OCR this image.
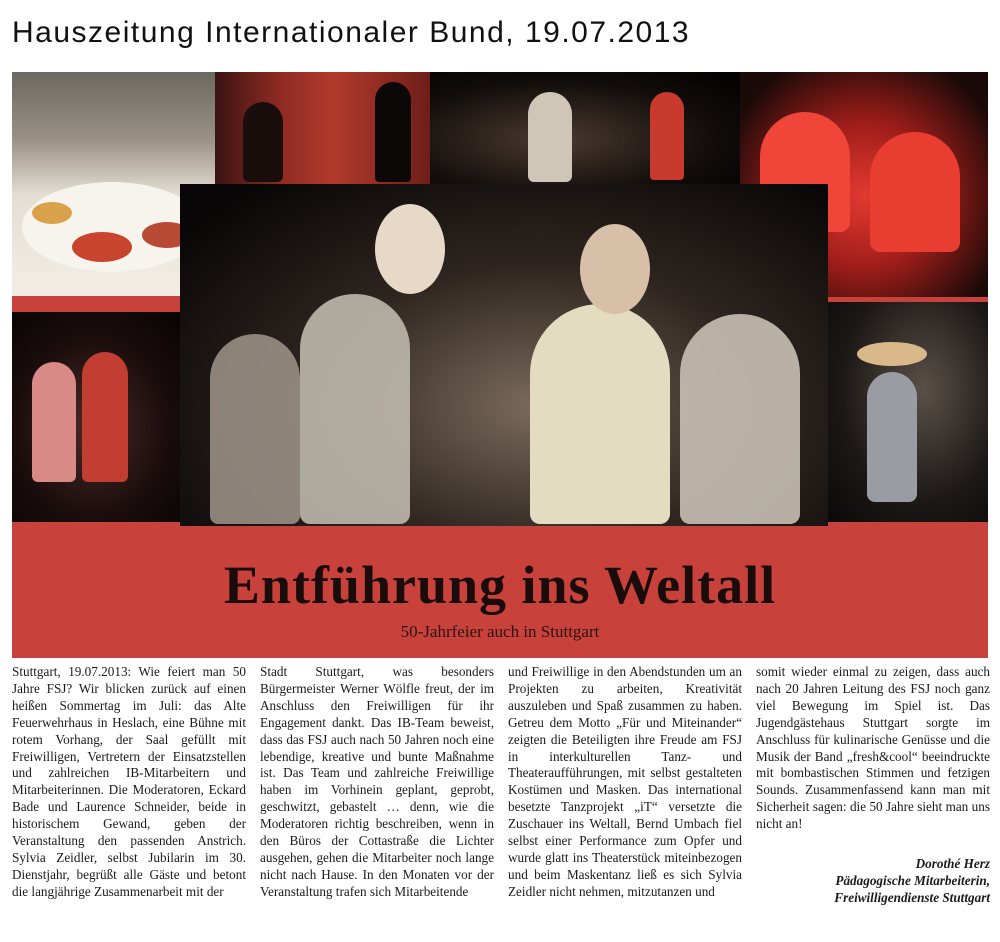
Hauszeitung Internationaler Bund, 19.07.2013
Entführung ins Weltall
50-Jahrfeier auch in Stuttgart

Stuttgart, 19.07.2013: Wie feiert man 50 Jahre FSJ? Wir blicken zurück auf einen heißen Sommertag im Juli: das Alte Feuerwehrhaus in Heslach, eine Bühne mit rotem Vorhang, der Saal gefüllt mit Freiwilligen, Vertretern der Einsatzstellen und zahlreichen IB-Mitarbeitern und Mitarbeiterinnen. Die Moderatoren, Eckard Bade und Laurence Schneider, beide in historischem Gewand, geben der Veranstaltung den passenden Anstrich. Sylvia Zeidler, selbst Jubilarin im 30. Dienstjahr, begrüßt alle Gäste und betont die langjährige Zusammenarbeit mit der

Stadt Stuttgart, was besonders Bürgermeister Werner Wölfle freut, der im Anschluss den Freiwilligen für ihr Engagement dankt. Das IB-Team beweist, dass das FSJ auch nach 50 Jahren noch eine lebendige, kreative und bunte Maßnahme ist. Das Team und zahlreiche Freiwillige haben im Vorhinein geplant, geprobt, geschwitzt, gebastelt … denn, wie die Moderatoren richtig beschreiben, wenn in den Büros der Cottastraße die Lichter ausgehen, gehen die Mitarbeiter noch lange nicht nach Hause. In den Monaten vor der Veranstaltung trafen sich Mitarbeitende

und Freiwillige in den Abendstunden um an Projekten zu arbeiten, Kreativität auszuleben und Spaß zusammen zu haben. Getreu dem Motto „Für und Miteinander“ zeigten die Beteiligten ihre Freude am FSJ in interkulturellen Tanz- und Theateraufführungen, mit selbst gestalteten Kostümen und Masken. Das international besetzte Tanzprojekt „iT“ versetzte die Zuschauer ins Weltall, Bernd Umbach fiel selbst einer Performance zum Opfer und wurde glatt ins Theaterstück miteinbezogen und beim Maskentanz ließ es sich Sylvia Zeidler nicht nehmen, mitzutanzen und

somit wieder einmal zu zeigen, dass auch nach 20 Jahren Leitung des FSJ noch ganz viel Bewegung im Spiel ist. Das Jugendgästehaus Stuttgart sorgte im Anschluss für kulinarische Genüsse und die Musik der Band „fresh&cool“ beeindruckte mit bombastischen Stimmen und fetzigen Sounds. Zusammenfassend kann man mit Sicherheit sagen: die 50 Jahre sieht man uns nicht an!

Dorothé Herz
Pädagogische Mitarbeiterin,
Freiwilligendienste Stuttgart
